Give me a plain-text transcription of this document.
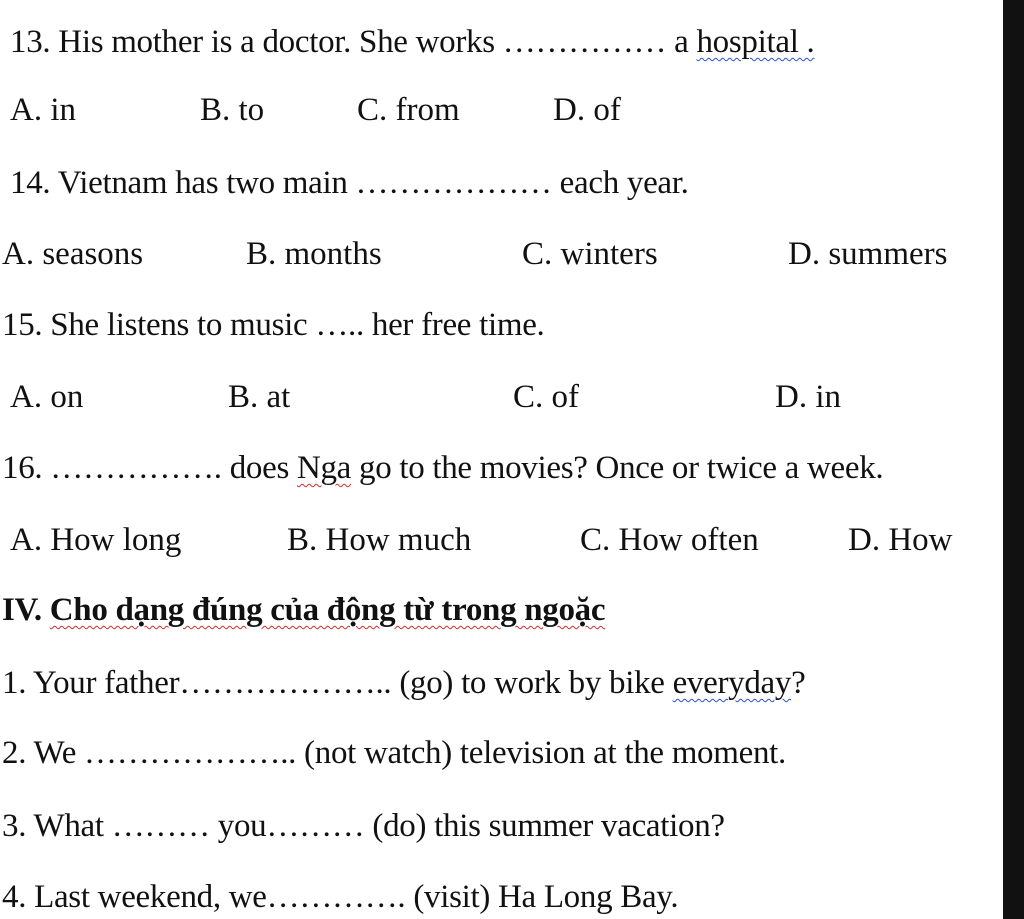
13. His mother is a doctor. She works …………… a hospital .
A. in	B. to	C. from	D. of
14. Vietnam has two main ……………… each year.
A. seasons	B. months	C. winters	D. summers
15. She listens to music ….. her free time.
A. on	B. at	C. of	D. in
16. ……………. does Nga go to the movies? Once or twice a week.
A. How long	B. How much	C. How often	D. How
IV. Cho dạng đúng của động từ trong ngoặc
1. Your father……………….. (go) to work by bike everyday?
2. We ……………….. (not watch) television at the moment.
3. What ……… you……… (do) this summer vacation?
4. Last weekend, we…………. (visit) Ha Long Bay.
